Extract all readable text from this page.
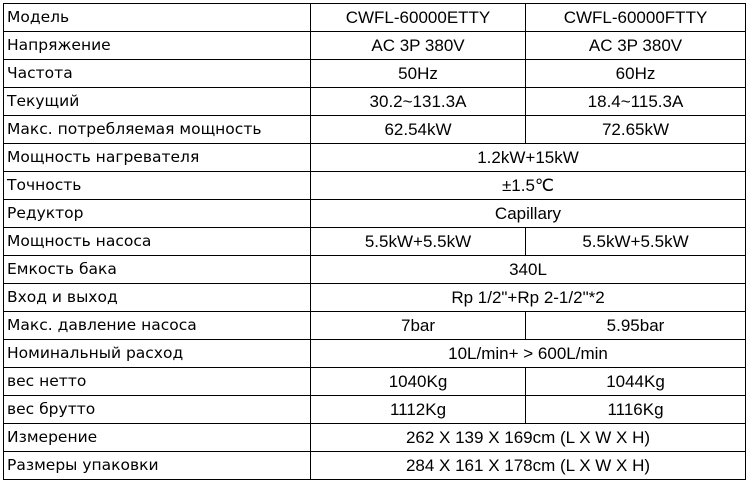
Модель	CWFL-60000ETTY	CWFL-60000FTTY
Напряжение	AC 3P 380V	AC 3P 380V
Частота	50Hz	60Hz
Текущий	30.2~131.3A	18.4~115.3A
Макс. потребляемая мощность	62.54kW	72.65kW
Мощность нагревателя	1.2kW+15kW	
Точность	±1.5℃	
Редуктор	Capillary	
Мощность насоса	5.5kW+5.5kW	5.5kW+5.5kW
Емкость бака	340L	
Вход и выход	Rp 1/2"+Rp 2-1/2"*2	
Макс. давление насоса	7bar	5.95bar
Номинальный расход	10L/min+ > 600L/min	
вес нетто	1040Kg	1044Kg
вес брутто	1112Kg	1116Kg
Измерение	262 X 139 X 169cm (L X W X H)	
Размеры упаковки	284 X 161 X 178cm (L X W X H)	
